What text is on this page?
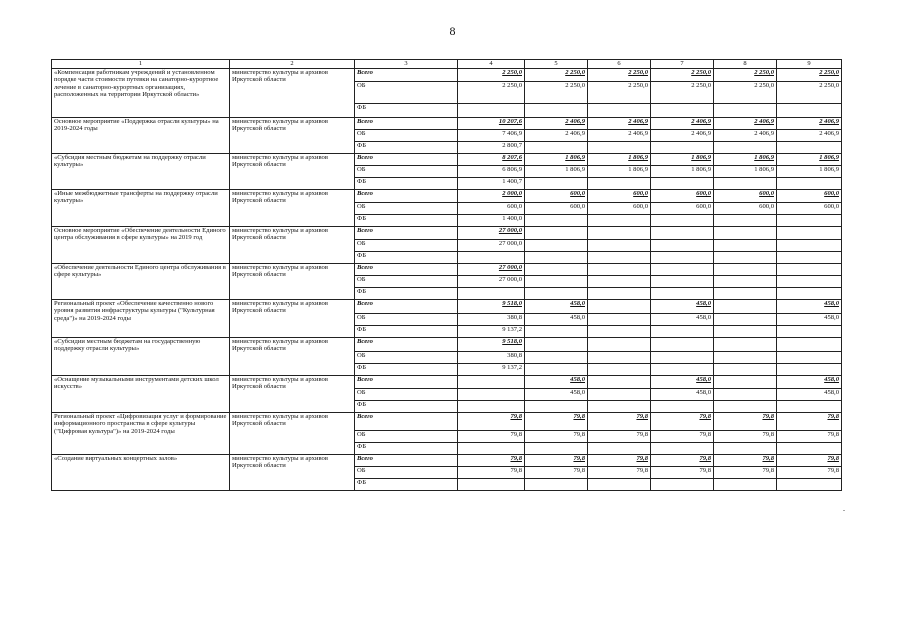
8
1	2	3	4	5	6	7	8	9
«Компенсация работникам учреждений и установленном порядке части стоимости путевки на санаторно-курортное лечение в санаторно-курортных организациях, расположенных на территории Иркутской области»	министерство культуры и архивов Иркутской области	Всего	2 250,0	2 250,0	2 250,0	2 250,0	2 250,0	2 250,0
		ОБ	2 250,0	2 250,0	2 250,0	2 250,0	2 250,0	2 250,0
		ФБ						
Основное мероприятие «Поддержка отрасли культуры» на 2019-2024 годы	министерство культуры и архивов Иркутской области	Всего	10 207,6	2 406,9	2 406,9	2 406,9	2 406,9	2 406,9
		ОБ	7 406,9	2 406,9	2 406,9	2 406,9	2 406,9	2 406,9
		ФБ	2 800,7					
«Субсидия местным бюджетам на поддержку отрасли культуры»	министерство культуры и архивов Иркутской области	Всего	8 207,6	1 806,9	1 806,9	1 806,9	1 806,9	1 806,9
		ОБ	6 806,9	1 806,9	1 806,9	1 806,9	1 806,9	1 806,9
		ФБ	1 400,7					
«Иные межбюджетные трансферты на поддержку отрасли культуры»	министерство культуры и архивов Иркутской области	Всего	2 000,0	600,0	600,0	600,0	600,0	600,0
		ОБ	600,0	600,0	600,0	600,0	600,0	600,0
		ФБ	1 400,0					
Основное мероприятие «Обеспечение деятельности Единого центра обслуживания в сфере культуры» на 2019 год	министерство культуры и архивов Иркутской области	Всего	27 000,0					
		ОБ	27 000,0					
		ФБ						
«Обеспечение деятельности Единого центра обслуживания в сфере культуры»	министерство культуры и архивов Иркутской области	Всего	27 000,0					
		ОБ	27 000,0					
		ФБ						
Региональный проект «Обеспечение качественно нового уровня развития инфраструктуры культуры ("Культурная среда")» на 2019-2024 годы	министерство культуры и архивов Иркутской области	Всего	9 518,0	458,0		458,0		458,0
		ОБ	380,8	458,0		458,0		458,0
		ФБ	9 137,2					
«Субсидии местным бюджетам на государственную поддержку отрасли культуры»	министерство культуры и архивов Иркутской области	Всего	9 518,0					
		ОБ	380,8					
		ФБ	9 137,2					
«Оснащение музыкальными инструментами детских школ искусств»	министерство культуры и архивов Иркутской области	Всего		458,0		458,0		458,0
		ОБ		458,0		458,0		458,0
		ФБ						
Региональный проект «Цифровизация услуг и формирование информационного пространства в сфере культуры ("Цифровая культура")» на 2019-2024 годы	министерство культуры и архивов Иркутской области	Всего	79,8	79,8	79,8	79,8	79,8	79,8
		ОБ	79,8	79,8	79,8	79,8	79,8	79,8
		ФБ						
«Создание виртуальных концертных залов»	министерство культуры и архивов Иркутской области	Всего	79,8	79,8	79,8	79,8	79,8	79,8
		ОБ	79,8	79,8	79,8	79,8	79,8	79,8
		ФБ						
.
